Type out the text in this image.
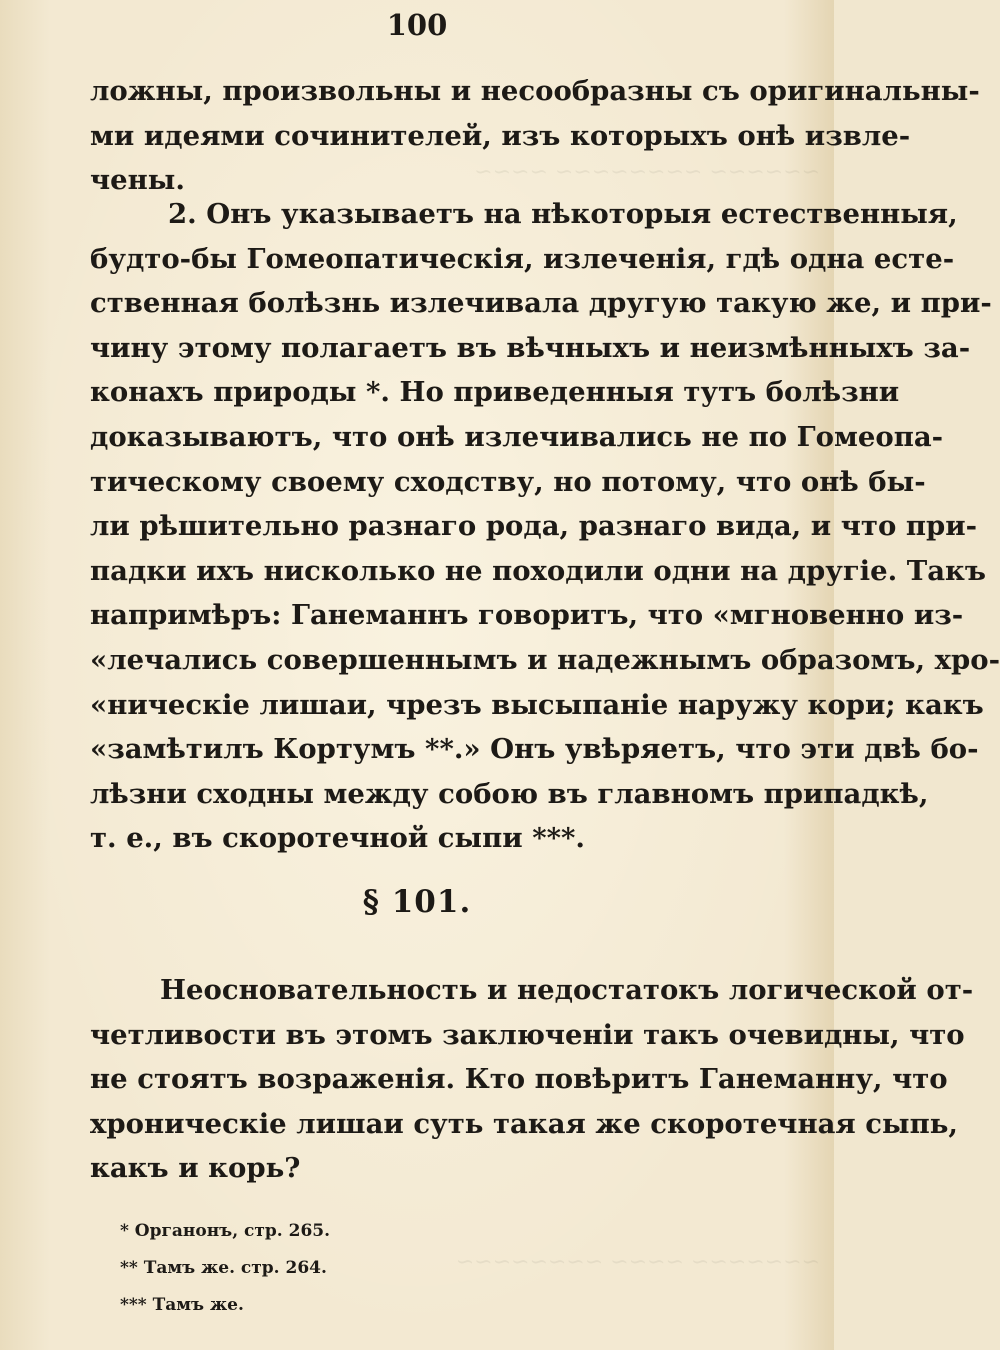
~~~~~~ ~~~~~~~~ ~~~~
~~~~~~~ ~~~~ ~~~~~~~~
100
ложны, произвольны и несообразны съ оригинальны-
ми идеями сочинителей, изъ которыхъ онѣ извле-
чены.
2. Онъ указываетъ на нѣкоторыя естественныя,
будто-бы Гомеопатическія, излеченія, гдѣ одна есте-
ственная болѣзнь излечивала другую такую же, и при-
чину этому полагаетъ въ вѣчныхъ и неизмѣнныхъ за-
конахъ природы *. Но приведенныя тутъ болѣзни
доказываютъ, что онѣ излечивались не по Гомеопа-
тическому своему сходству, но потому, что онѣ бы-
ли рѣшительно разнаго рода, разнаго вида, и что при-
падки ихъ нисколько не походили одни на другіе. Такъ
напримѣръ: Ганеманнъ говоритъ, что «мгновенно из-
«лечались совершеннымъ и надежнымъ образомъ, хро-
«ническіе лишаи, чрезъ высыпаніе наружу кори; какъ
«замѣтилъ Кортумъ **.» Онъ увѣряетъ, что эти двѣ бо-
лѣзни сходны между собою въ главномъ припадкѣ,
т. е., въ скоротечной сыпи ***.
§ 101.
Неосновательность и недостатокъ логической от-
четливости въ этомъ заключеніи такъ очевидны, что
не стоятъ возраженія. Кто повѣритъ Ганеманну, что
хроническіе лишаи суть такая же скоротечная сыпь,
какъ и корь?
* Органонъ, стр. 265.
** Тамъ же. стр. 264.
*** Тамъ же.
